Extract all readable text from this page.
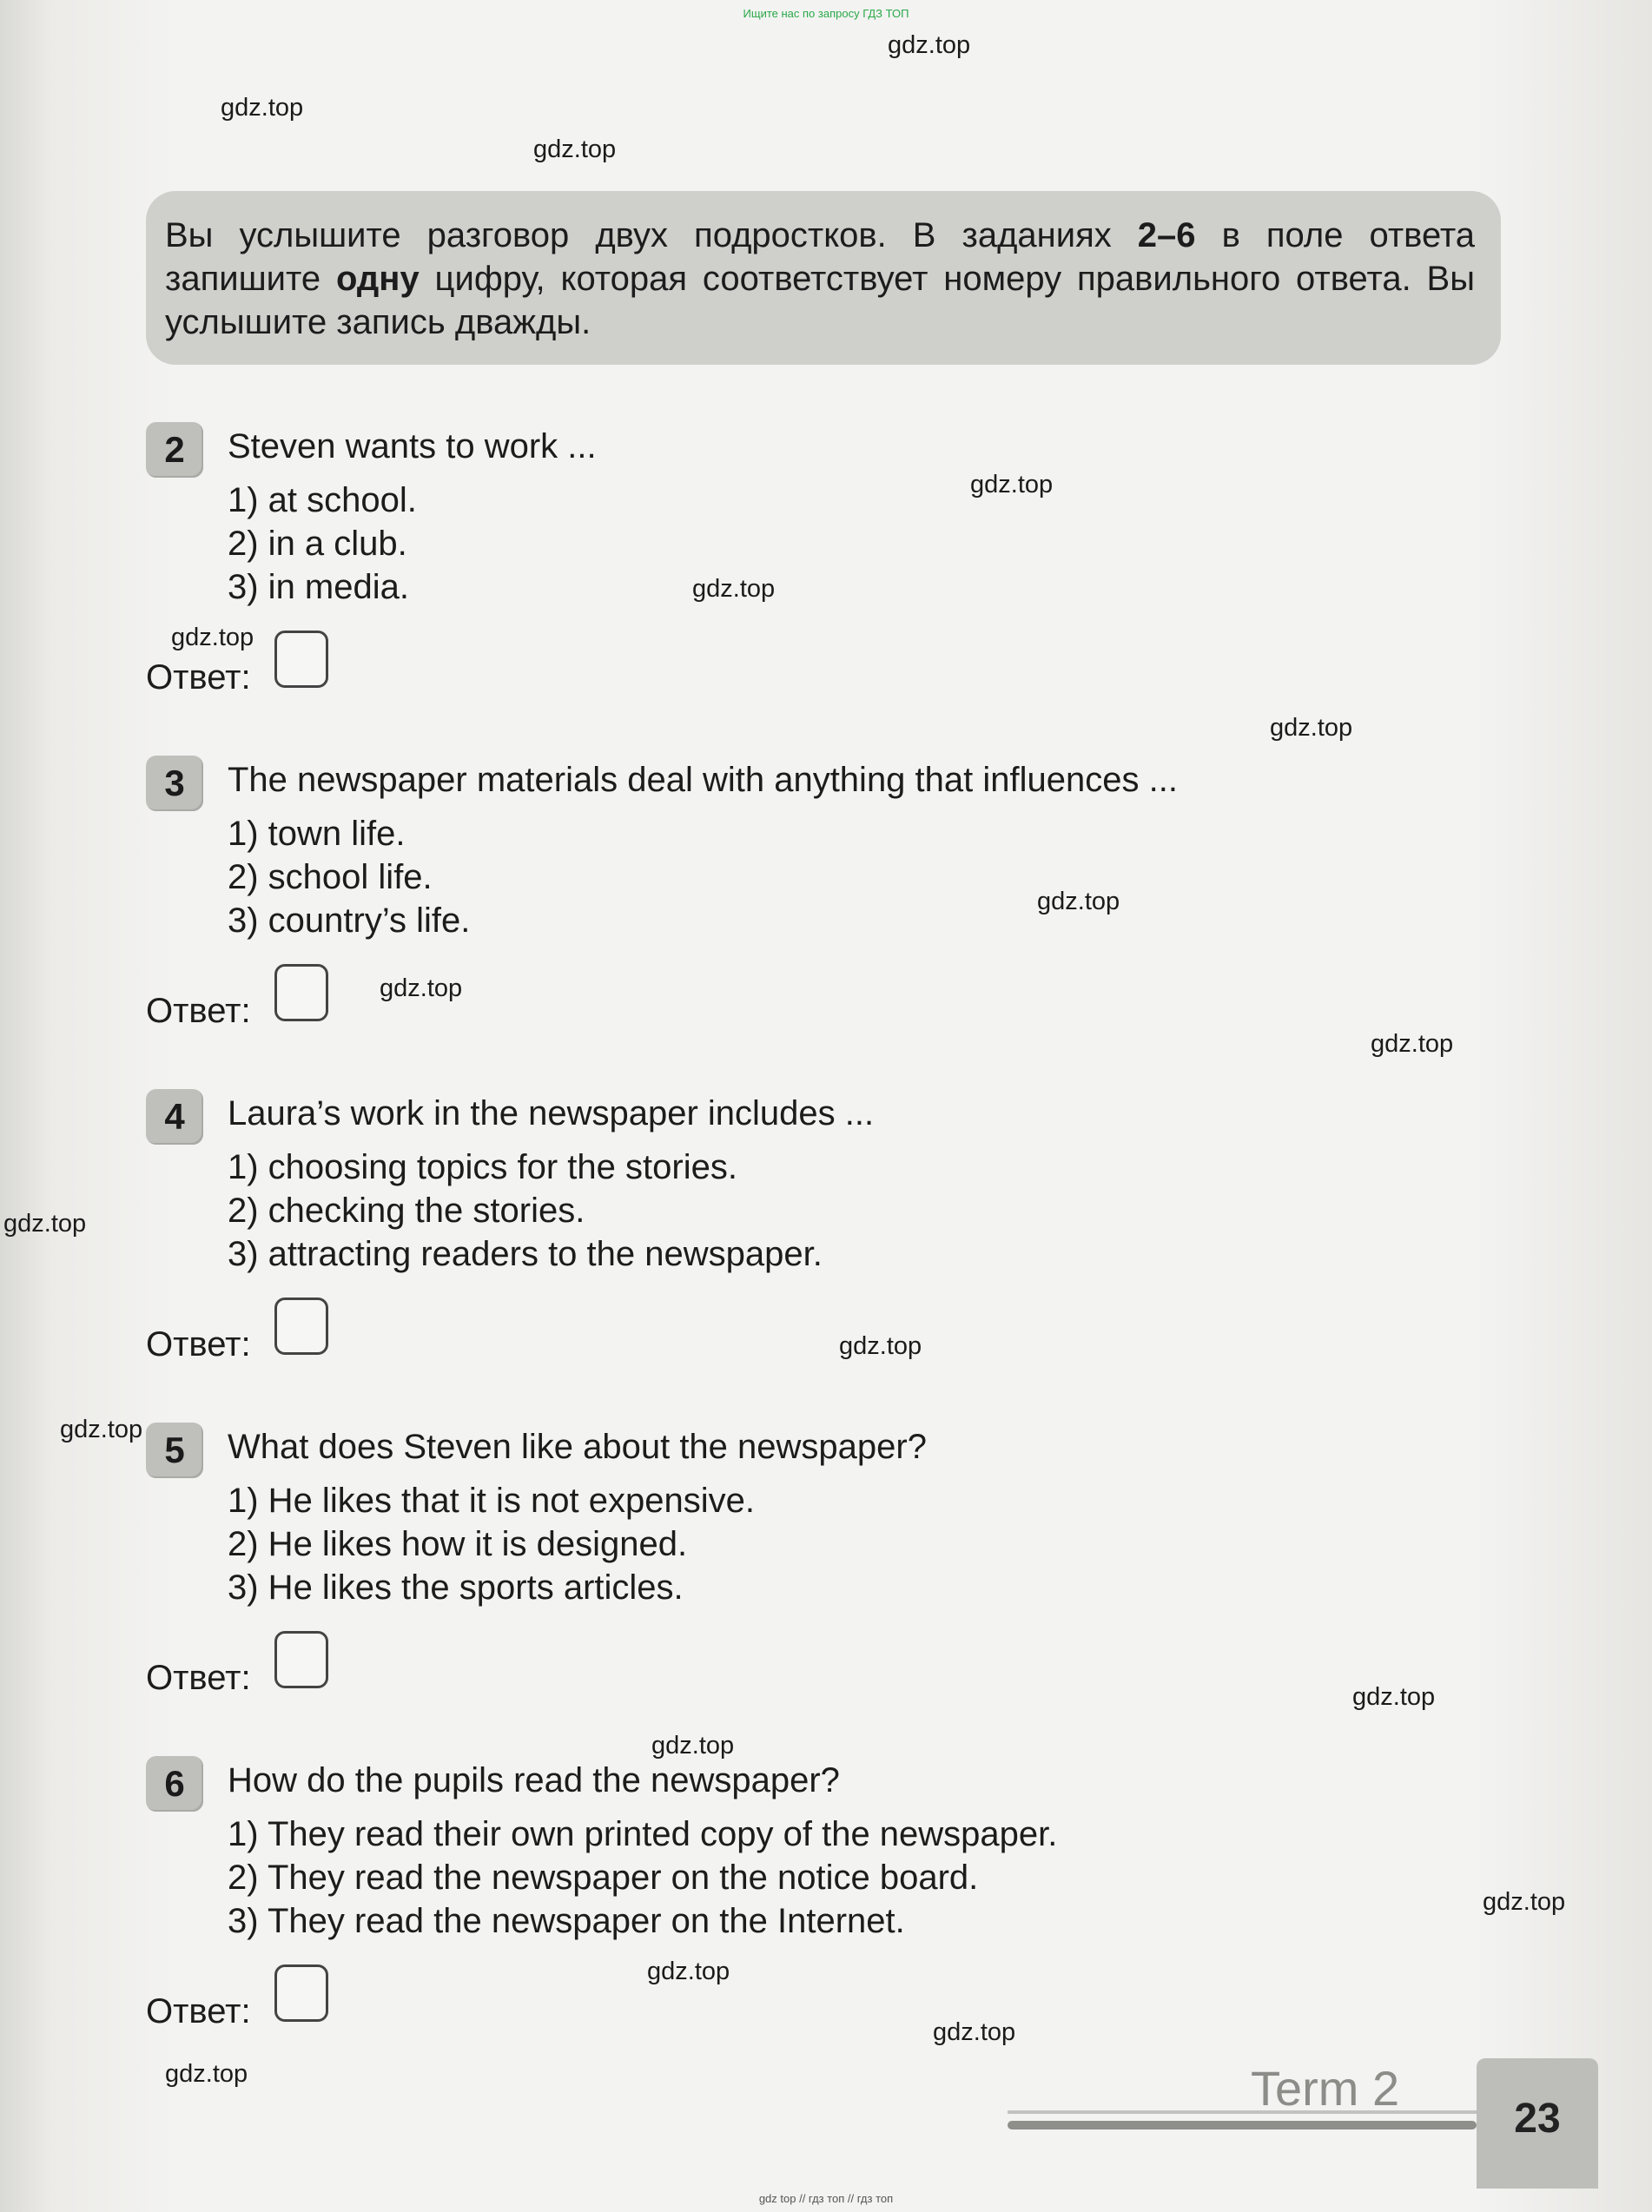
Ищите нас по запросу ГДЗ ТОП
gdz.top
gdz.top
gdz.top
gdz.top
gdz.top
gdz.top
gdz.top
gdz.top
gdz.top
gdz.top
gdz.top
gdz.top
gdz.top
gdz.top
gdz.top
gdz.top
gdz.top
gdz.top
gdz.top
Вы услышите разговор двух подростков. В заданиях 2–6 в поле ответа запишите одну цифру, которая соответствует номеру правильного ответа. Вы услышите запись дважды.
2	Steven wants to work ...
1) at school.
2) in a club.
3) in media.
Ответ:
3	The newspaper materials deal with anything that influences ...
1) town life.
2) school life.
3) country’s life.
Ответ:
4	Laura’s work in the newspaper includes ...
1) choosing topics for the stories.
2) checking the stories.
3) attracting readers to the newspaper.
Ответ:
5	What does Steven like about the newspaper?
1) He likes that it is not expensive.
2) He likes how it is designed.
3) He likes the sports articles.
Ответ:
6	How do the pupils read the newspaper?
1) They read their own printed copy of the newspaper.
2) They read the newspaper on the notice board.
3) They read the newspaper on the Internet.
Ответ:
Term 2
23
gdz top // гдз топ // гдз топ
